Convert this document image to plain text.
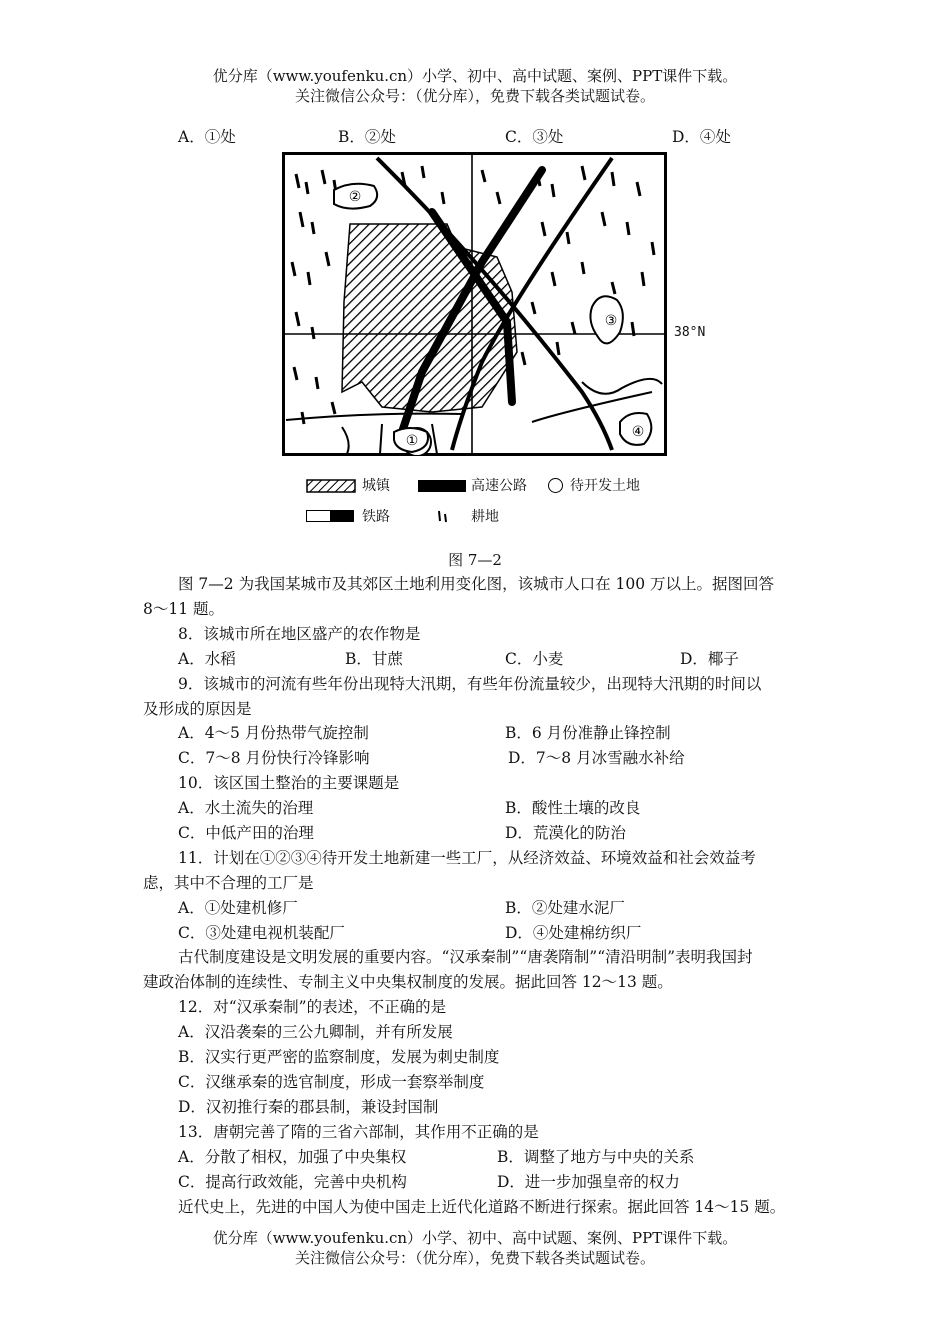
优分库（www.youfenku.cn）小学、初中、高中试题、案例、PPT课件下载。
关注微信公众号：（优分库），免费下载各类试题试卷。
A．①处	B．②处	C．③处	D．④处
②
③
④
①
38°N
城镇	高速公路	待开发土地
铁路	耕地
图 7—2
图 7—2 为我国某城市及其郊区土地利用变化图，该城市人口在 100 万以上。据图回答
8～11 题。
8．该城市所在地区盛产的农作物是
A．水稻	B．甘蔗	C．小麦	D．椰子
9．该城市的河流有些年份出现特大汛期，有些年份流量较少，出现特大汛期的时间以
及形成的原因是
A．4～5 月份热带气旋控制	B．6 月份准静止锋控制
C．7～8 月份快行冷锋影响	D．7～8 月冰雪融水补给
10．该区国土整治的主要课题是
A．水土流失的治理	B．酸性土壤的改良
C．中低产田的治理	D．荒漠化的防治
11．计划在①②③④待开发土地新建一些工厂，从经济效益、环境效益和社会效益考
虑，其中不合理的工厂是
A．①处建机修厂	B．②处建水泥厂
C．③处建电视机装配厂	D．④处建棉纺织厂
古代制度建设是文明发展的重要内容。“汉承秦制”“唐袭隋制”“清沿明制”表明我国封
建政治体制的连续性、专制主义中央集权制度的发展。据此回答 12～13 题。
12．对“汉承秦制”的表述，不正确的是
A．汉沿袭秦的三公九卿制，并有所发展
B．汉实行更严密的监察制度，发展为刺史制度
C．汉继承秦的选官制度，形成一套察举制度
D．汉初推行秦的郡县制，兼设封国制
13．唐朝完善了隋的三省六部制，其作用不正确的是
A．分散了相权，加强了中央集权	B．调整了地方与中央的关系
C．提高行政效能，完善中央机构	D．进一步加强皇帝的权力
近代史上，先进的中国人为使中国走上近代化道路不断进行探索。据此回答 14～15 题。
优分库（www.youfenku.cn）小学、初中、高中试题、案例、PPT课件下载。
关注微信公众号：（优分库），免费下载各类试题试卷。
